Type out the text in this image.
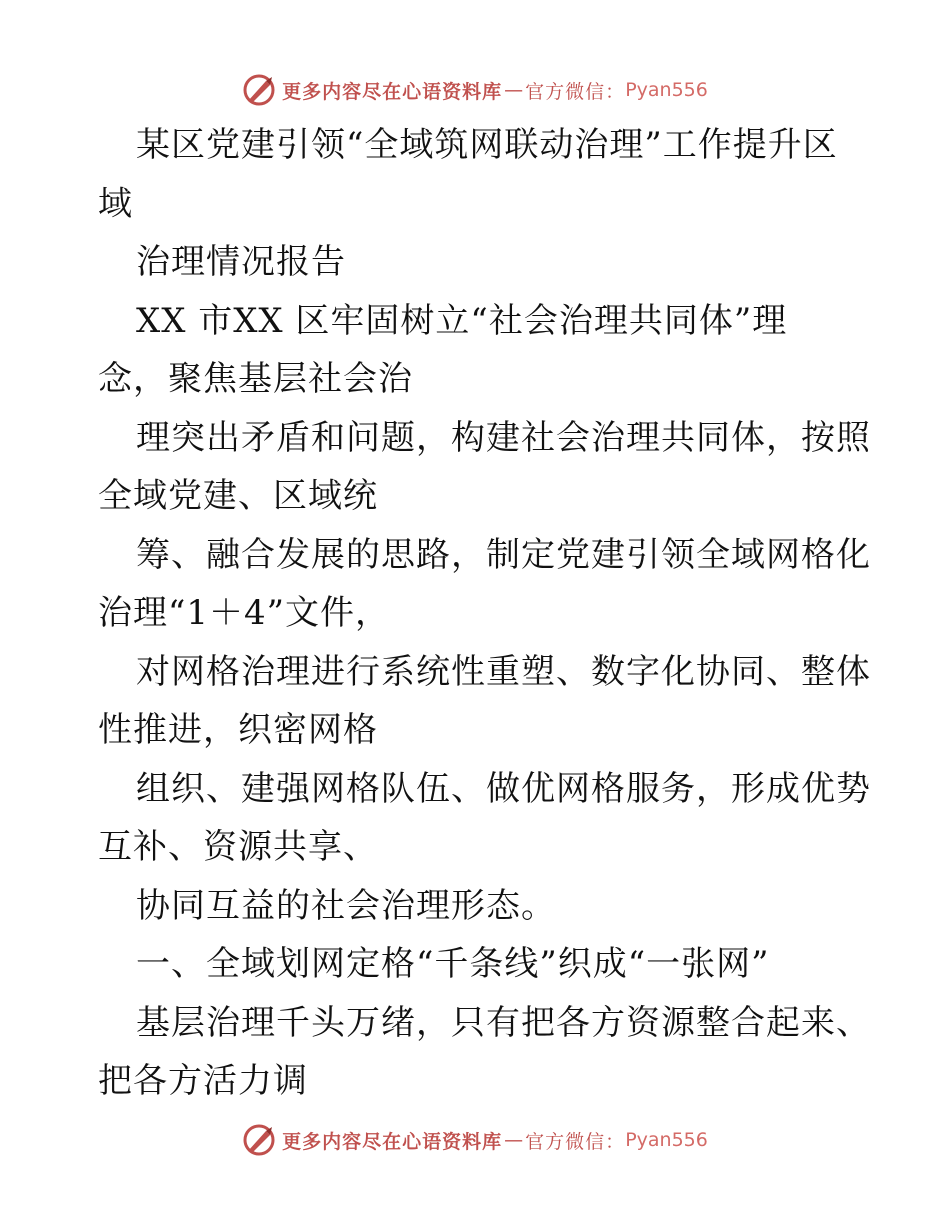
更多内容尽在心语资料库 — 官方微信： Pyan556
某区党建引领“全域筑网联动治理”工作提升区
域
治理情况报告
XX 市XX 区牢固树立“社会治理共同体”理
念，聚焦基层社会治
理突出矛盾和问题，构建社会治理共同体，按照
全域党建、区域统
筹、融合发展的思路，制定党建引领全域网格化
治理“1＋4”文件，
对网格治理进行系统性重塑、数字化协同、整体
性推进，织密网格
组织、建强网格队伍、做优网格服务，形成优势
互补、资源共享、
协同互益的社会治理形态。
一、全域划网定格“千条线”织成“一张网”
基层治理千头万绪，只有把各方资源整合起来、
把各方活力调
更多内容尽在心语资料库 — 官方微信： Pyan556
